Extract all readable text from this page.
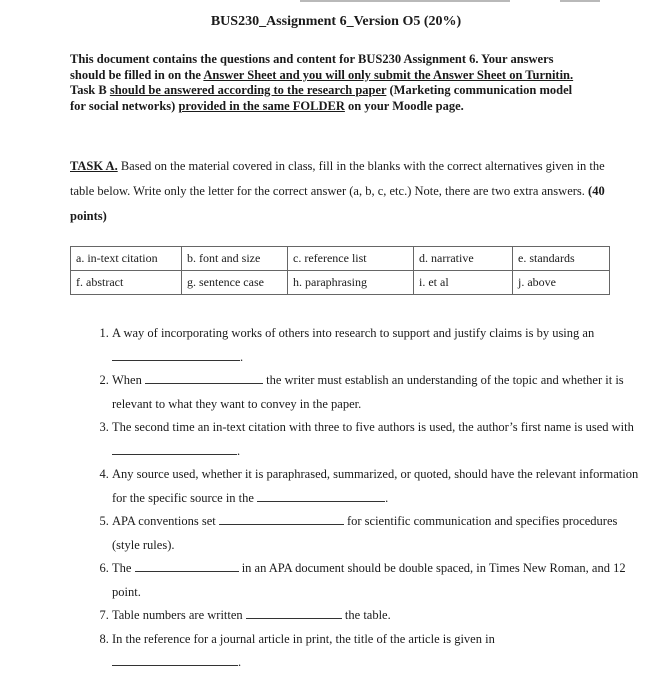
BUS230_Assignment 6_Version O5 (20%)
This document contains the questions and content for BUS230 Assignment 6. Your answers should be filled in on the Answer Sheet and you will only submit the Answer Sheet on Turnitin. Task B should be answered according to the research paper (Marketing communication model for social networks) provided in the same FOLDER on your Moodle page.
TASK A. Based on the material covered in class, fill in the blanks with the correct alternatives given in the table below. Write only the letter for the correct answer (a, b, c, etc.) Note, there are two extra answers. (40 points)
a. in-text citation	b. font and size	c. reference list	d. narrative	e. standards
f. abstract	g. sentence case	h. paraphrasing	i. et al	j. above
1. A way of incorporating works of others into research to support and justify claims is by using an .
2. When	the writer must establish an understanding of the topic and whether it is relevant to what they want to convey in the paper.
3. The second time an in-text citation with three to five authors is used, the author’s first name is used with .
4. Any source used, whether it is paraphrased, summarized, or quoted, should have the relevant information for the specific source in the	.
5. APA conventions set	for scientific communication and specifies procedures (style rules).
6. The	in an APA document should be double spaced, in Times New Roman, and 12 point.
7. Table numbers are written	the table.
8. In the reference for a journal article in print, the title of the article is given in
.
